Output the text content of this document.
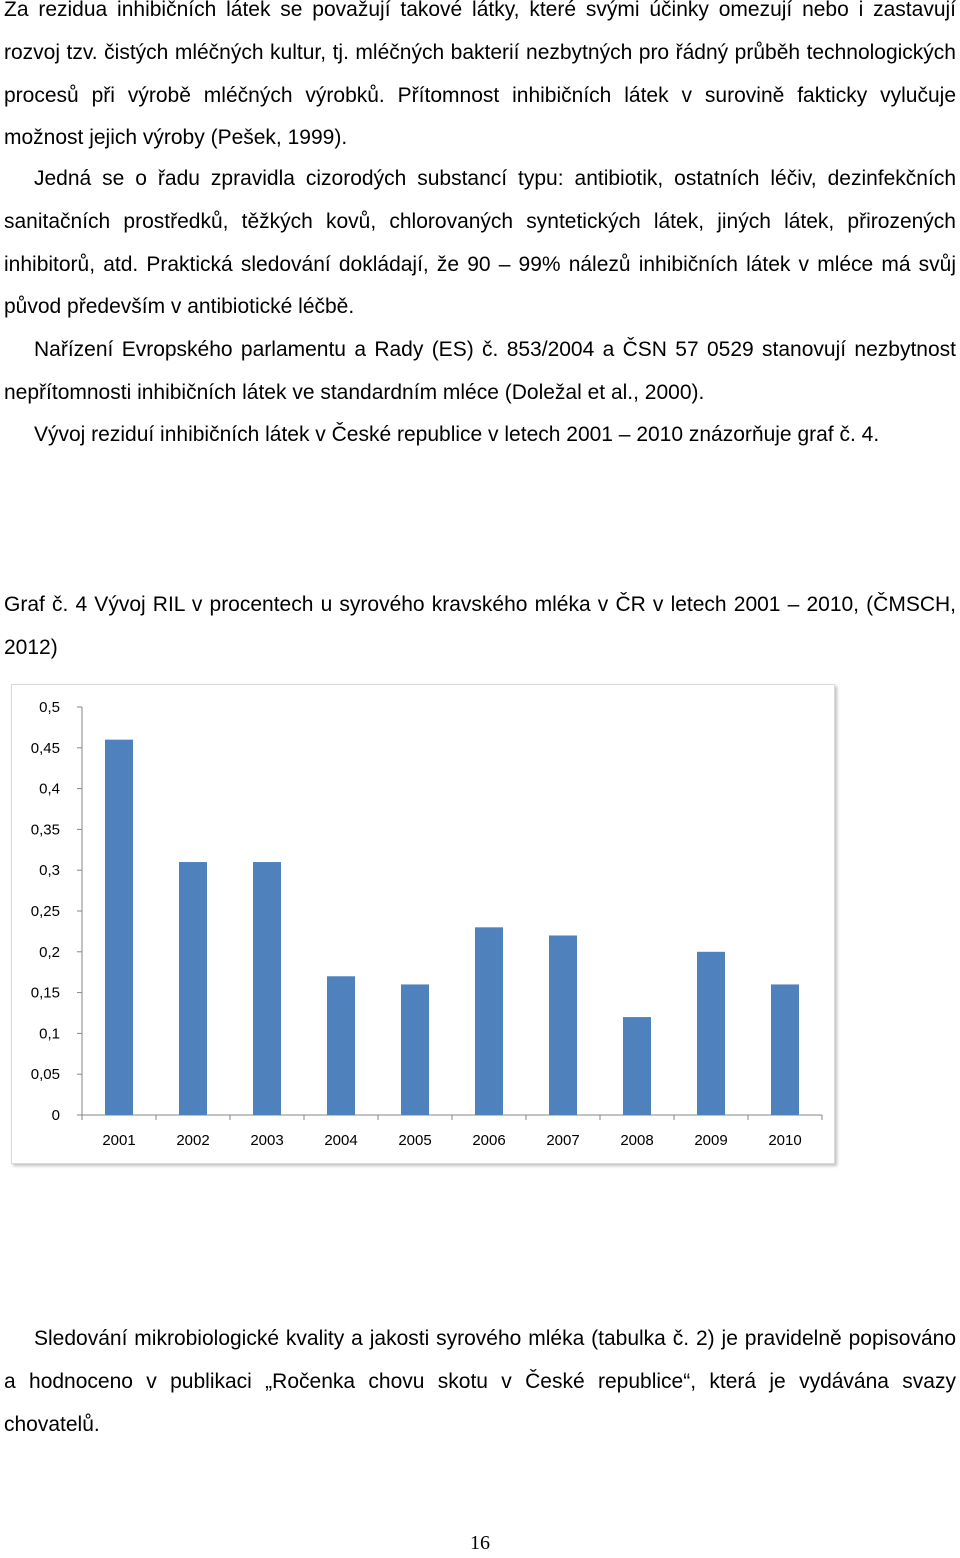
Za rezidua inhibičních látek se považují takové látky, které svými účinky omezují nebo i zastavují rozvoj tzv. čistých mléčných kultur, tj. mléčných bakterií nezbytných pro řádný průběh technologických procesů při výrobě mléčných výrobků. Přítomnost inhibičních látek v surovině fakticky vylučuje možnost jejich výroby (Pešek, 1999).

Jedná se o řadu zpravidla cizorodých substancí typu: antibiotik, ostatních léčiv, dezinfekčních sanitačních prostředků, těžkých kovů, chlorovaných syntetických látek, jiných látek, přirozených inhibitorů, atd. Praktická sledování dokládají, že 90 – 99% nálezů inhibičních látek v mléce má svůj původ především v antibiotické léčbě.

Nařízení Evropského parlamentu a Rady (ES) č. 853/2004 a ČSN 57 0529 stanovují nezbytnost nepřítomnosti inhibičních látek ve standardním mléce (Doležal et al., 2000).

Vývoj reziduí inhibičních látek v České republice v letech 2001 – 2010 znázorňuje graf č. 4.

Graf č. 4 Vývoj RIL v procentech u syrového kravského mléka v ČR v letech 2001 – 2010, (ČMSCH, 2012)

0
0,05
0,1
0,15
0,2
0,25
0,3
0,35
0,4
0,45
0,5
2001	2002	2003	2004	2005	2006	2007	2008	2009	2010

Sledování mikrobiologické kvality a jakosti syrového mléka (tabulka č. 2) je pravidelně popisováno a hodnoceno v publikaci „Ročenka chovu skotu v České republice“, která je vydávána svazy chovatelů.

16
